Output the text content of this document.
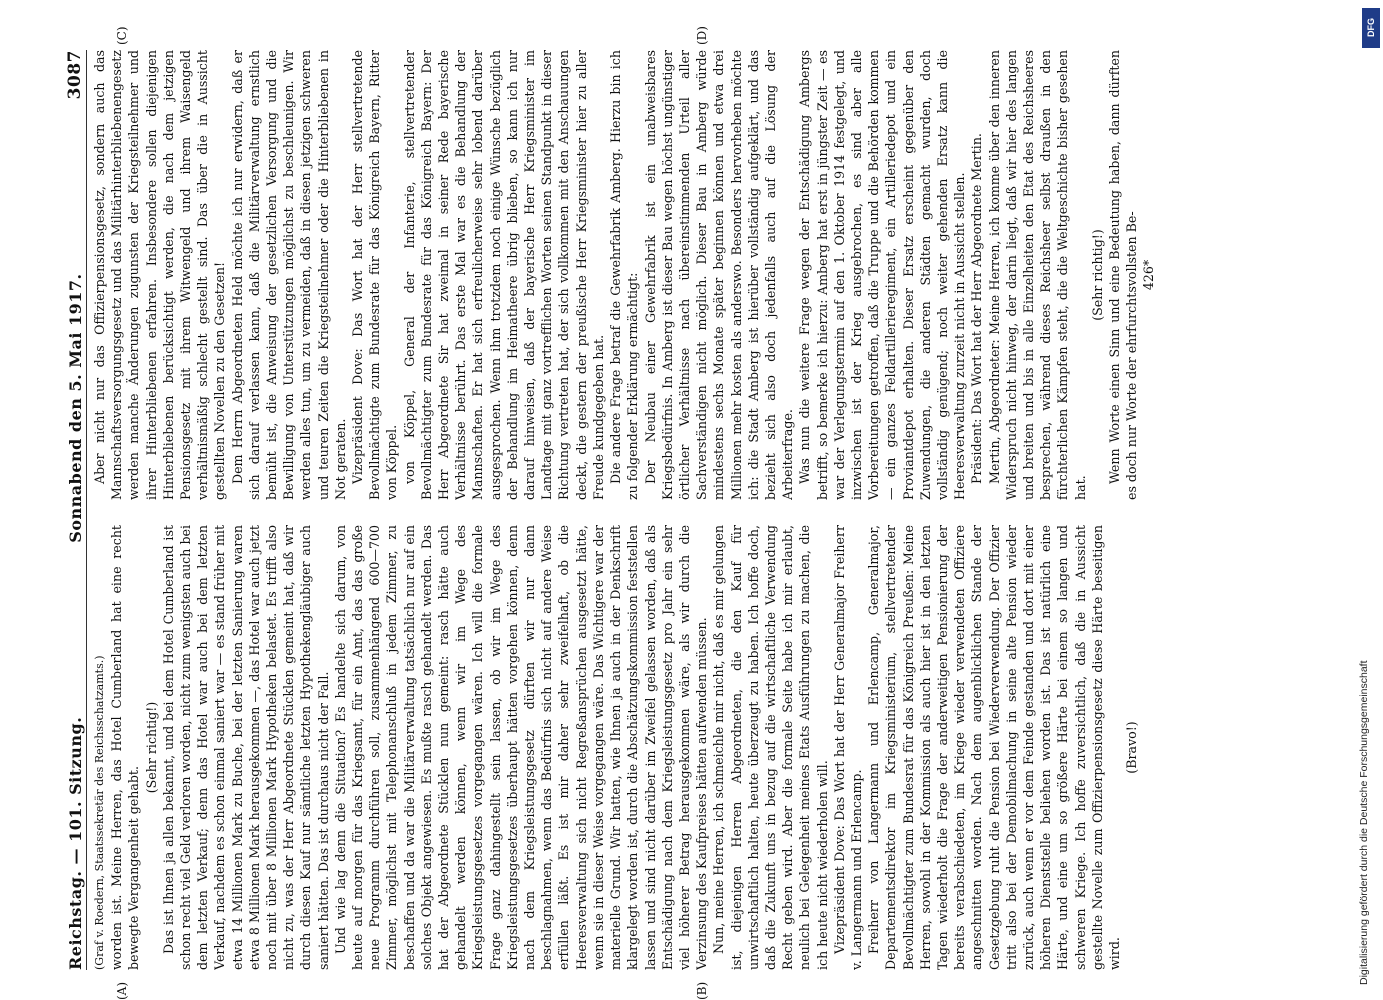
Reichstag. — 101. Sitzung.
Sonnabend den 5. Mai 1917.
3087

(Graf v. Roedern, Staatssekretär des Reichsschatzamts.) worden ist. Meine Herren, das Hotel Cumberland hat eine recht bewegte Vergangenheit gehabt.

(Sehr richtig!) Das ist Ihnen ja allen bekannt, und bei dem Hotel Cumberland ist schon recht viel Geld verloren worden, nicht zum wenigsten auch bei dem letzten Verkauf; denn das Hotel war auch bei dem letzten Verkauf, nachdem es schon einmal saniert war — es stand früher mit etwa 14 Millionen Mark zu Buche, bei der letzten Sanierung waren etwa 8 Millionen Mark herausgekommen —, das Hotel war auch jetzt noch mit über 8 Millionen Mark Hypotheken belastet. Es trifft also nicht zu, was der Herr Abgeordnete Stücklen gemeint hat, daß wir durch diesen Kauf nur sämtliche letzten Hypothekengläubiger auch saniert hätten. Das ist durchaus nicht der Fall. Und wie lag denn die Situation? Es handelte sich darum, von heute auf morgen für das Kriegsamt, für ein Amt, das das große neue Programm durchführen soll, zusammenhängend 600—700 Zimmer, möglichst mit Telephonanschluß in jedem Zimmer, zu beschaffen und da war die Militärverwaltung tatsächlich nur auf ein solches Objekt angewiesen. Es mußte rasch gehandelt werden. Das hat der Abgeordnete Stücklen nun gemeint: rasch hätte auch gehandelt werden können, wenn wir im Wege des Kriegsleistungsgesetzes vorgegangen wären. Ich will die formale Frage ganz dahingestellt sein lassen, ob wir im Wege des Kriegsleistungsgesetzes überhaupt hätten vorgehen können, denn nach dem Kriegsleistungsgesetz dürften wir nur dann beschlagnahmen, wenn das Bedürfnis sich nicht auf andere Weise erfüllen läßt. Es ist mir daher sehr zweifelhaft, ob die Heeresverwaltung sich nicht Regreßansprüchen ausgesetzt hätte, wenn sie in dieser Weise vorgegangen wäre. Das Wichtigere war der materielle Grund. Wir hatten, wie Ihnen ja auch in der Denkschrift klargelegt worden ist, durch die Abschätzungskommission feststellen lassen und sind nicht darüber im Zweifel gelassen worden, daß als Entschädigung nach dem Kriegsleistungsgesetz pro Jahr ein sehr viel höherer Betrag herausgekommen wäre, als wir durch die Verzinsung des Kaufpreises hätten aufwenden müssen. Nun, meine Herren, ich schmeichle mir nicht, daß es mir gelungen ist, diejenigen Herren Abgeordneten, die den Kauf für unwirtschaftlich halten, heute überzeugt zu haben. Ich hoffe doch, daß die Zukunft uns in bezug auf die wirtschaftliche Verwendung Recht geben wird. Aber die formale Seite habe ich mir erlaubt, neulich bei Gelegenheit meines Etats Ausführungen zu machen, die ich heute nicht wiederholen will. Vizepräsident Dove: Das Wort hat der Herr Generalmajor Freiherr v. Langermann und Erlencamp. Freiherr von Langermann und Erlencamp, Generalmajor, Departementsdirektor im Kriegsministerium, stellvertretender Bevollmächtigter zum Bundesrat für das Königreich Preußen: Meine Herren, sowohl in der Kommission als auch hier ist in den letzten Tagen wiederholt die Frage der anderweitigen Pensionierung der bereits verabschiedeten, im Kriege wieder verwendeten Offiziere angeschnitten worden. Nach dem augenblicklichen Stande der Gesetzgebung ruht die Pension bei Wiederverwendung. Der Offizier tritt also bei der Demobilmachung in seine alte Pension wieder zurück, auch wenn er vor dem Feinde gestanden und dort mit einer höheren Dienststelle beliehen worden ist. Das ist natürlich eine Härte, und eine um so größere Härte bei einem so langen und schweren Kriege. Ich hoffe zuversichtlich, daß die in Aussicht gestellte Novelle zum Offizierpensionsgesetz diese Härte beseitigen wird.

(Bravo!)

Aber nicht nur das Offizierpensionsgesetz, sondern auch das Mannschaftsversorgungsgesetz und das Militärhinterbliebenengesetz werden manche Änderungen zugunsten der Kriegsteilnehmer und ihrer Hinterbliebenen erfahren. Insbesondere sollen diejenigen Hinterbliebenen berücksichtigt werden, die nach dem jetzigen Pensionsgesetz mit ihrem Witwengeld und ihrem Waisengeld verhältnismäßig schlecht gestellt sind. Das über die in Aussicht gestellten Novellen zu den Gesetzen! Dem Herrn Abgeordneten Held möchte ich nur erwidern, daß er sich darauf verlassen kann, daß die Militärverwaltung ernstlich bemüht ist, die Anweisung der gesetzlichen Versorgung und die Bewilligung von Unterstützungen möglichst zu beschleunigen. Wir werden alles tun, um zu vermeiden, daß in diesen jetzigen schweren und teuren Zeiten die Kriegsteilnehmer oder die Hinterbliebenen in Not geraten. Vizepräsident Dove: Das Wort hat der Herr stellvertretende Bevollmächtigte zum Bundesrate für das Königreich Bayern, Ritter von Köppel. von Köppel, General der Infanterie, stellvertretender Bevollmächtigter zum Bundesrate für das Königreich Bayern: Der Herr Abgeordnete Sir hat zweimal in seiner Rede bayerische Verhältnisse berührt. Das erste Mal war es die Behandlung der Mannschaften. Er hat sich erfreulicherweise sehr lobend darüber ausgesprochen. Wenn ihm trotzdem noch einige Wünsche bezüglich der Behandlung im Heimatheere übrig blieben, so kann ich nur darauf hinweisen, daß der bayerische Herr Kriegsminister im Landtage mit ganz vortrefflichen Worten seinen Standpunkt in dieser Richtung vertreten hat, der sich vollkommen mit den Anschauungen deckt, die gestern der preußische Herr Kriegsminister hier zu aller Freude kundgegeben hat. Die andere Frage betraf die Gewehrfabrik Amberg. Hierzu bin ich zu folgender Erklärung ermächtigt: Der Neubau einer Gewehrfabrik ist ein unabweisbares Kriegsbedürfnis. In Amberg ist dieser Bau wegen höchst ungünstiger örtlicher Verhältnisse nach übereinstimmenden Urteil aller Sachverständigen nicht möglich. Dieser Bau in Amberg würde mindestens sechs Monate später beginnen können und etwa drei Millionen mehr kosten als anderswo. Besonders hervorheben möchte ich: die Stadt Amberg ist hierüber vollständig aufgeklärt, und das bezieht sich also doch jedenfalls auch auf die Lösung der Arbeiterfrage. Was nun die weitere Frage wegen der Entschädigung Ambergs betrifft, so bemerke ich hierzu: Amberg hat erst in jüngster Zeit — es war der Verlegungstermin auf den 1. Oktober 1914 festgelegt, und inzwischen ist der Krieg ausgebrochen, es sind aber alle Vorbereitungen getroffen, daß die Truppe und die Behörden kommen — ein ganzes Feldartillerieregiment, ein Artilleriedepot und ein Proviantdepot erhalten. Dieser Ersatz erscheint gegenüber den Zuwendungen, die anderen Städten gemacht wurden, doch vollständig genügend; noch weiter gehenden Ersatz kann die Heeresverwaltung zurzeit nicht in Aussicht stellen. Präsident: Das Wort hat der Herr Abgeordnete Mertin. Mertin, Abgeordneter: Meine Herren, ich komme über den inneren Widerspruch nicht hinweg, der darin liegt, daß wir hier des langen und breiten und bis in alle Einzelheiten den Etat des Reichsheeres besprechen, während dieses Reichsheer selbst draußen in den fürchterlichen Kämpfen steht, die die Weltgeschichte bisher gesehen hat.

(Sehr richtig!) Wenn Worte einen Sinn und eine Bedeutung haben, dann dürften es doch nur Worte der ehrfurchtsvollsten Be- 426*

(A)	(B)
(C)	(D)	DFG
Digitalisierung gefördert durch die Deutsche Forschungsgemeinschaft
